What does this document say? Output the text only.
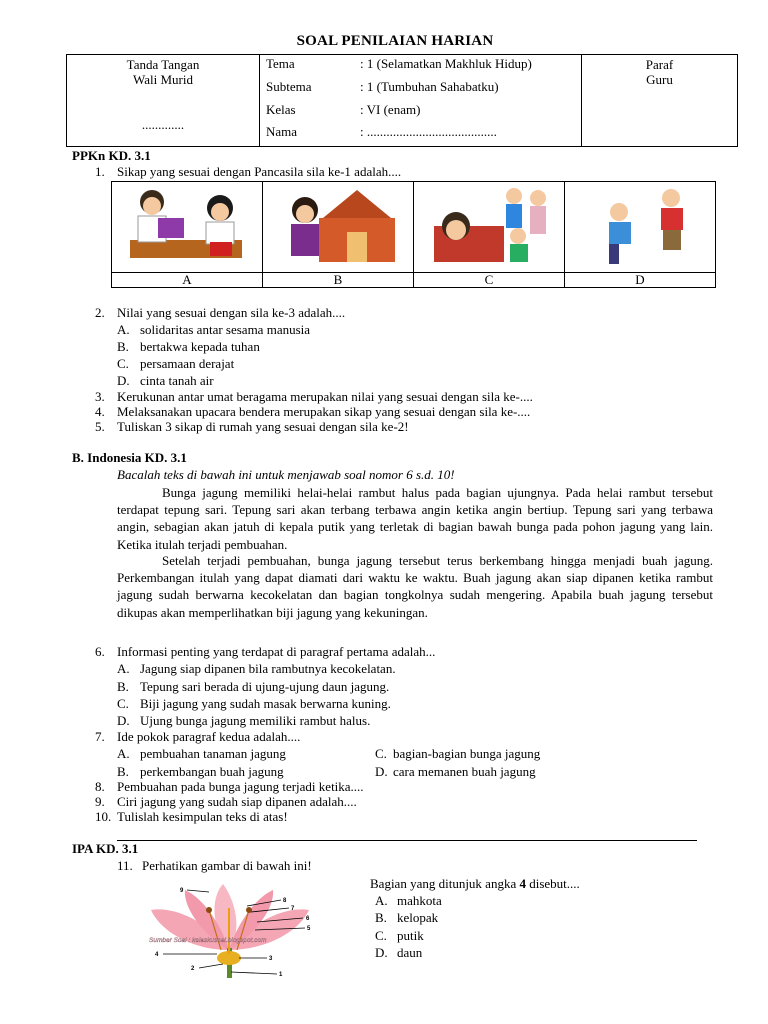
SOAL PENILAIAN HARIAN
Tanda Tangan
Wali Murid
.............

Tema	: 1 (Selamatkan Makhluk Hidup)
Subtema	: 1 (Tumbuhan Sahabatku)
Kelas	: VI (enam)
Nama	: ........................................
	Paraf
Guru
PPKn KD. 3.1
1. Sikap yang sesuai dengan Pancasila sila ke-1 adalah....

A	B	C	D
2. Nilai yang sesuai dengan sila ke-3 adalah....
A. solidaritas antar sesama manusia
B. bertakwa kepada tuhan
C. persamaan derajat
D. cinta tanah air
3. Kerukunan antar umat beragama merupakan nilai yang sesuai dengan sila ke-....
4. Melaksanakan upacara bendera merupakan sikap yang sesuai dengan sila ke-....
5. Tuliskan 3 sikap di rumah yang sesuai dengan sila ke-2!
B. Indonesia KD. 3.1
Bacalah teks di bawah ini untuk menjawab soal nomor 6 s.d. 10!
Bunga jagung memiliki helai-helai rambut halus pada bagian ujungnya. Pada helai rambut tersebut terdapat tepung sari. Tepung sari akan terbang terbawa angin ketika angin bertiup. Tepung sari yang terbawa angin, sebagian akan jatuh di kepala putik yang terletak di bagian bawah bunga pada pohon jagung yang lain. Ketika itulah terjadi pembuahan.
Setelah terjadi pembuahan, bunga jagung tersebut terus berkembang hingga menjadi buah jagung. Perkembangan itulah yang dapat diamati dari waktu ke waktu. Buah jagung akan siap dipanen ketika rambut jagung sudah berwarna kecokelatan dan bagian tongkolnya sudah mengering. Apabila buah jagung tersebut dikupas akan memperlihatkan biji jagung yang kekuningan.
6. Informasi penting yang terdapat di paragraf pertama adalah...
A. Jagung siap dipanen bila rambutnya kecokelatan.
B. Tepung sari berada di ujung-ujung daun jagung.
C. Biji jagung yang sudah masak berwarna kuning.
D. Ujung bunga jagung memiliki rambut halus.
7. Ide pokok paragraf kedua adalah....
A. pembuahan tanaman jagung	C. bagian-bagian bunga jagung
B. perkembangan buah jagung	D. cara memanen buah jagung
8. Pembuahan pada bunga jagung terjadi ketika....
9. Ciri jagung yang sudah siap dipanen adalah....
10. Tulislah kesimpulan teks di atas!
IPA KD. 3.1
11. Perhatikan gambar di bawah ini!
Bagian yang ditunjuk angka 4 disebut....
A. mahkota
B. kelopak
C. putik
D. daun
9
8
7
6
5
4
3
2
1
Sumber Soal : kelaskusoal.blogspot.com
